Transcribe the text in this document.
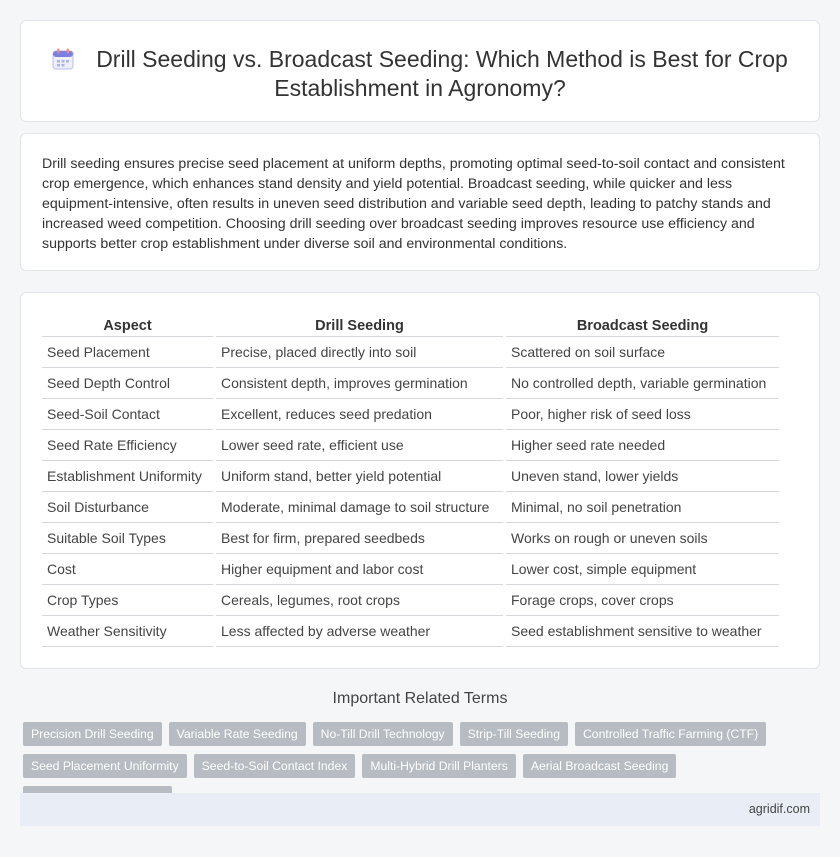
Drill Seeding vs. Broadcast Seeding: Which Method is Best for Crop Establishment in Agronomy?

Drill seeding ensures precise seed placement at uniform depths, promoting optimal seed-to-soil contact and consistent crop emergence, which enhances stand density and yield potential. Broadcast seeding, while quicker and less equipment-intensive, often results in uneven seed distribution and variable seed depth, leading to patchy stands and increased weed competition. Choosing drill seeding over broadcast seeding improves resource use efficiency and supports better crop establishment under diverse soil and environmental conditions.

Aspect	Drill Seeding	Broadcast Seeding
Seed Placement	Precise, placed directly into soil	Scattered on soil surface
Seed Depth Control	Consistent depth, improves germination	No controlled depth, variable germination
Seed-Soil Contact	Excellent, reduces seed predation	Poor, higher risk of seed loss
Seed Rate Efficiency	Lower seed rate, efficient use	Higher seed rate needed
Establishment Uniformity	Uniform stand, better yield potential	Uneven stand, lower yields
Soil Disturbance	Moderate, minimal damage to soil structure	Minimal, no soil penetration
Suitable Soil Types	Best for firm, prepared seedbeds	Works on rough or uneven soils
Cost	Higher equipment and labor cost	Lower cost, simple equipment
Crop Types	Cereals, legumes, root crops	Forage crops, cover crops
Weather Sensitivity	Less affected by adverse weather	Seed establishment sensitive to weather
Important Related Terms
Precision Drill Seeding Variable Rate Seeding No-Till Drill Technology Strip-Till Seeding Controlled Traffic Farming (CTF)Seed Placement Uniformity Seed-to-Soil Contact Index Multi-Hybrid Drill Planters Aerial Broadcast Seeding
agridif.com
